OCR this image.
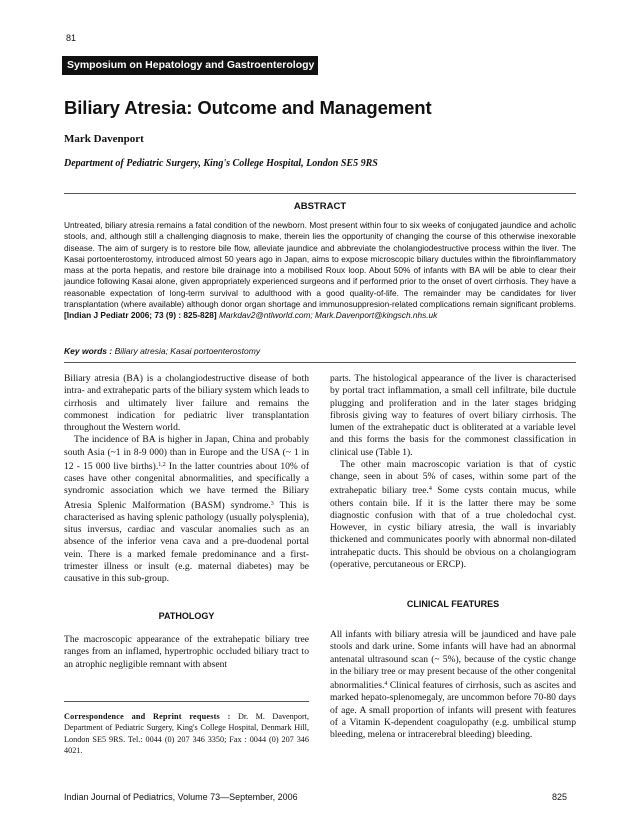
81
Symposium on Hepatology and Gastroenterology
Biliary Atresia: Outcome and Management
Mark Davenport
Department of Pediatric Surgery, King's College Hospital, London SE5 9RS
ABSTRACT
Untreated, biliary atresia remains a fatal condition of the newborn. Most present within four to six weeks of conjugated jaundice and acholic stools, and, although still a challenging diagnosis to make, therein lies the opportunity of changing the course of this otherwise inexorable disease. The aim of surgery is to restore bile flow, alleviate jaundice and abbreviate the cholangiodestructive process within the liver. The Kasai portoenterostomy, introduced almost 50 years ago in Japan, aims to expose microscopic biliary ductules within the fibroinflammatory mass at the porta hepatis, and restore bile drainage into a mobilised Roux loop. About 50% of infants with BA will be able to clear their jaundice following Kasai alone, given appropriately experienced surgeons and if performed prior to the onset of overt cirrhosis. They have a reasonable expectation of long-term survival to adulthood with a good quality-of-life. The remainder may be candidates for liver transplantation (where available) although donor organ shortage and immunosuppresion-related complications remain significant problems. [Indian J Pediatr 2006; 73 (9) : 825-828] Markdav2@ntlworld.com; Mark.Davenport@kingsch.nhs.uk
Key words : Biliary atresia; Kasai portoenterostomy

Biliary atresia (BA) is a cholangiodestructive disease of both intra- and extrahepatic parts of the biliary system which leads to cirrhosis and ultimately liver failure and remains the commonest indication for pediatric liver transplantation throughout the Western world.

The incidence of BA is higher in Japan, China and probably south Asia (~1 in 8-9 000) than in Europe and the USA (~ 1 in 12 - 15 000 live births).$^{1,2}$ In the latter countries about 10% of cases have other congenital abnormalities, and specifically a syndromic association which we have termed the Biliary Atresia Splenic Malformation (BASM) syndrome.$^3$ This is characterised as having splenic pathology (usually polysplenia), situs inversus, cardiac and vascular anomalies such as an absence of the inferior vena cava and a pre-duodenal portal vein. There is a marked female predominance and a first-trimester illness or insult (e.g. maternal diabetes) may be causative in this sub-group.

PATHOLOGY

The macroscopic appearance of the extrahepatic biliary tree ranges from an inflamed, hypertrophic occluded biliary tract to an atrophic negligible remnant with absent

parts. The histological appearance of the liver is characterised by portal tract inflammation, a small cell infiltrate, bile ductule plugging and proliferation and in the later stages bridging fibrosis giving way to features of overt biliary cirrhosis. The lumen of the extrahepatic duct is obliterated at a variable level and this forms the basis for the commonest classification in clinical use (Table 1).

The other main macroscopic variation is that of cystic change, seen in about 5% of cases, within some part of the extrahepatic biliary tree.$^4$ Some cysts contain mucus, while others contain bile. If it is the latter there may be some diagnostic confusion with that of a true choledochal cyst. However, in cystic biliary atresia, the wall is invariably thickened and communicates poorly with abnormal non-dilated intrahepatic ducts. This should be obvious on a cholangiogram (operative, percutaneous or ERCP).

CLINICAL FEATURES

All infants with biliary atresia will be jaundiced and have pale stools and dark urine. Some infants will have had an abnormal antenatal ultrasound scan (~ 5%), because of the cystic change in the biliary tree or may present because of the other congenital abnormalities.$^4$ Clinical features of cirrhosis, such as ascites and marked hepato-splenomegaly, are uncommon before 70-80 days of age. A small proportion of infants will present with features of a Vitamin K-dependent coagulopathy (e.g. umbilical stump bleeding, melena or intracerebral bleeding) bleeding.

Correspondence and Reprint requests : Dr. M. Davenport, Department of Pediatric Surgery, King's College Hospital, Denmark Hill, London SE5 9RS. Tel.: 0044 (0) 207 346 3350; Fax : 0044 (0) 207 346 4021.
Indian Journal of Pediatrics, Volume 73—September, 2006	825
